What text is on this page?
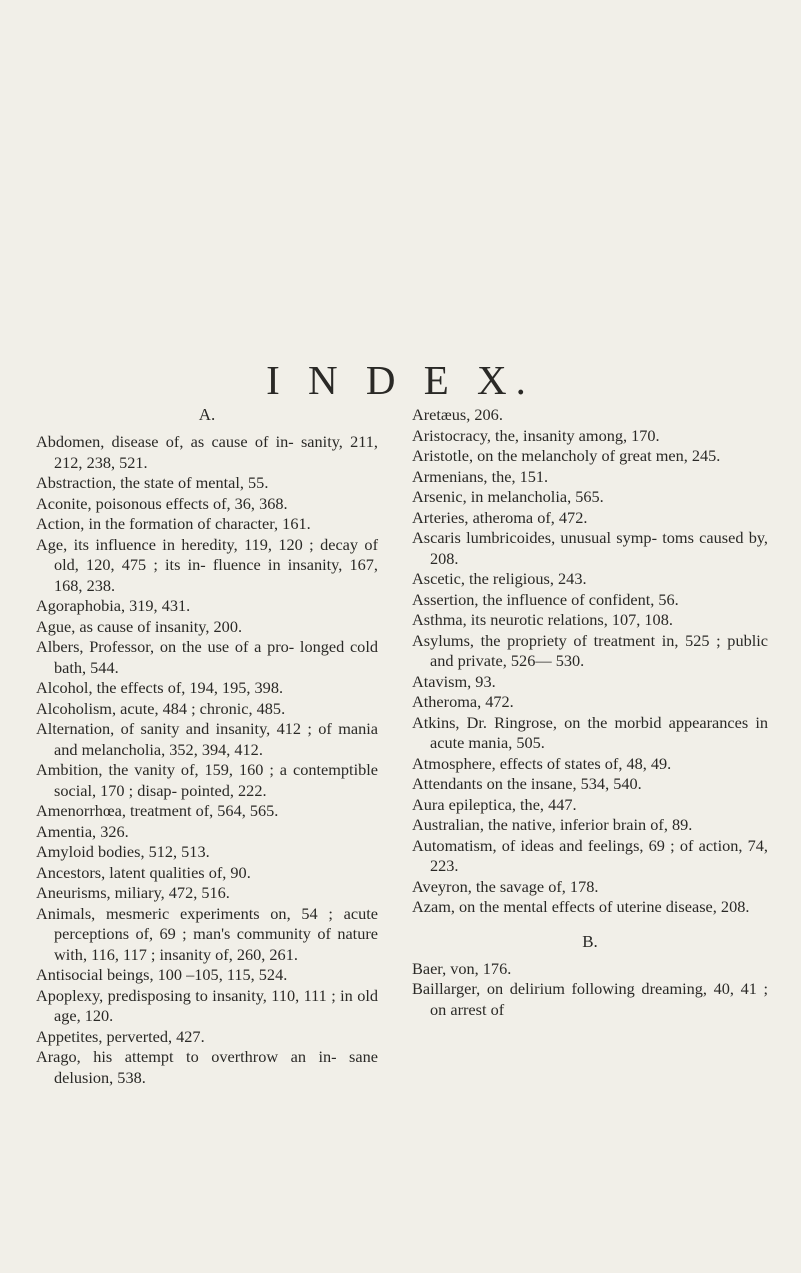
I N D E X.
A.

Abdomen, disease of, as cause of in- sanity, 211, 212, 238, 521.

Abstraction, the state of mental, 55.

Aconite, poisonous effects of, 36, 368.

Action, in the formation of character, 161.

Age, its influence in heredity, 119, 120 ; decay of old, 120, 475 ; its in- fluence in insanity, 167, 168, 238.

Agoraphobia, 319, 431.

Ague, as cause of insanity, 200.

Albers, Professor, on the use of a pro- longed cold bath, 544.

Alcohol, the effects of, 194, 195, 398.

Alcoholism, acute, 484 ; chronic, 485.

Alternation, of sanity and insanity, 412 ; of mania and melancholia, 352, 394, 412.

Ambition, the vanity of, 159, 160 ; a contemptible social, 170 ; disap- pointed, 222.

Amenorrhœa, treatment of, 564, 565.

Amentia, 326.

Amyloid bodies, 512, 513.

Ancestors, latent qualities of, 90.

Aneurisms, miliary, 472, 516.

Animals, mesmeric experiments on, 54 ; acute perceptions of, 69 ; man's community of nature with, 116, 117 ; insanity of, 260, 261.

Antisocial beings, 100 –105, 115, 524.

Apoplexy, predisposing to insanity, 110, 111 ; in old age, 120.

Appetites, perverted, 427.

Arago, his attempt to overthrow an in- sane delusion, 538.

Aretæus, 206.

Aristocracy, the, insanity among, 170.

Aristotle, on the melancholy of great men, 245.

Armenians, the, 151.

Arsenic, in melancholia, 565.

Arteries, atheroma of, 472.

Ascaris lumbricoides, unusual symp- toms caused by, 208.

Ascetic, the religious, 243.

Assertion, the influence of confident, 56.

Asthma, its neurotic relations, 107, 108.

Asylums, the propriety of treatment in, 525 ; public and private, 526— 530.

Atavism, 93.

Atheroma, 472.

Atkins, Dr. Ringrose, on the morbid appearances in acute mania, 505.

Atmosphere, effects of states of, 48, 49.

Attendants on the insane, 534, 540.

Aura epileptica, the, 447.

Australian, the native, inferior brain of, 89.

Automatism, of ideas and feelings, 69 ; of action, 74, 223.

Aveyron, the savage of, 178.

Azam, on the mental effects of uterine disease, 208.

B.

Baer, von, 176.

Baillarger, on delirium following dreaming, 40, 41 ; on arrest of
